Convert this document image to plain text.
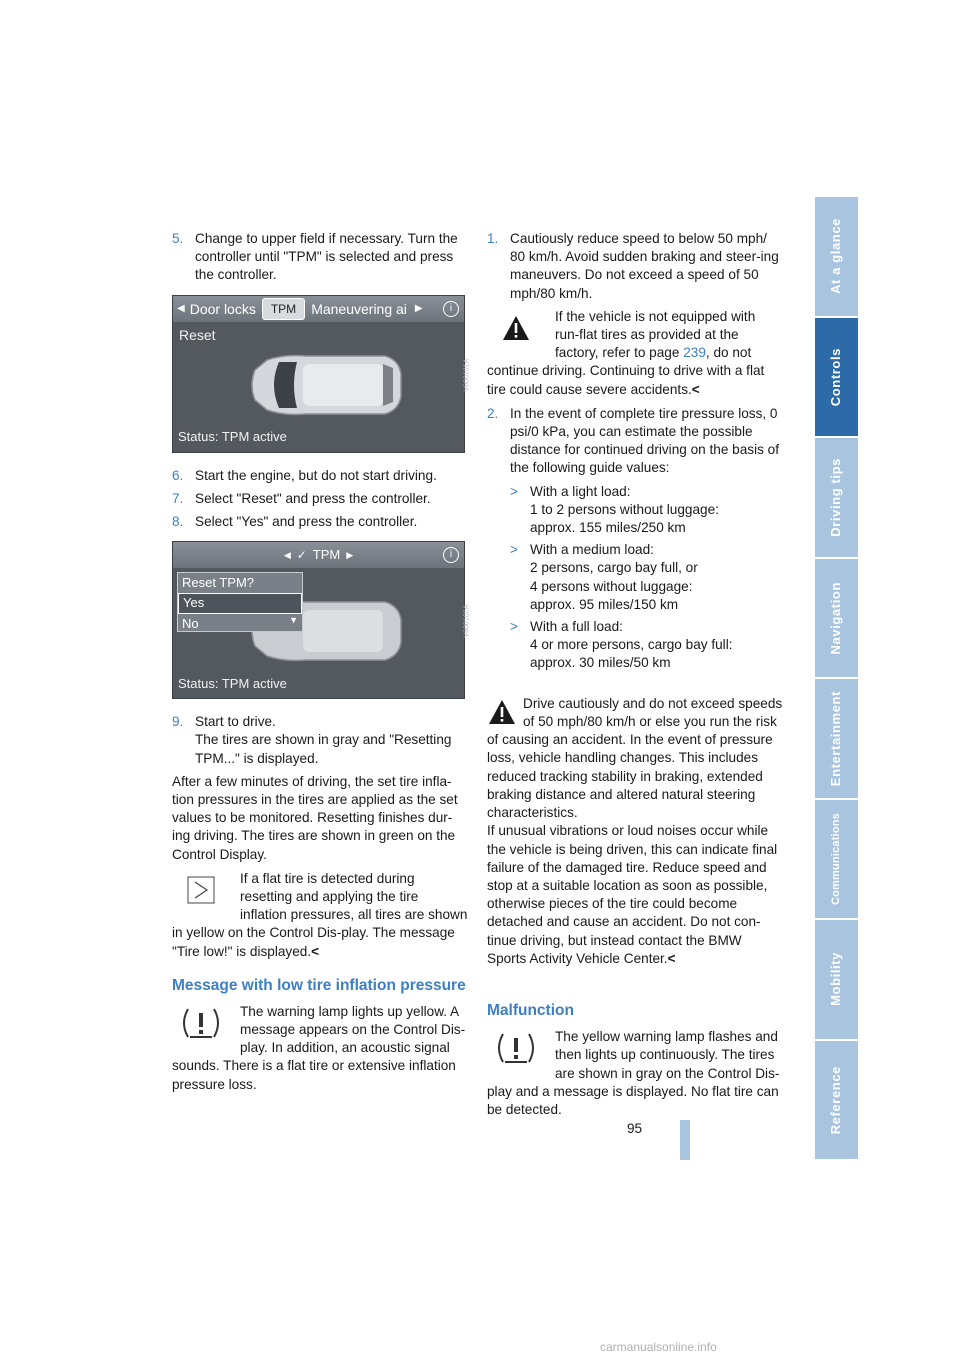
At a glance
Controls
Driving tips
Navigation
Entertainment
Communications
Mobility
Reference
5. Change to upper field if necessary. Turn the controller until "TPM" is selected and press the controller.
◀ Door locks	TPM	Maneuvering ai ▶	i
Reset
Status: TPM active
V600101A
6. Start the engine, but do not start driving.
7. Select "Reset" and press the controller.
8. Select "Yes" and press the controller.
◀ ✓ TPM ▶	i
Reset TPM?
Yes
No	▼
Status: TPM active
V600102A
9. Start to drive.
The tires are shown in gray and "Resetting TPM..." is displayed.

After a few minutes of driving, the set tire infla-tion pressures in the tires are applied as the set values to be monitored. Resetting finishes dur-ing driving. The tires are shown in green on the Control Display.

If a flat tire is detected during resetting and applying the tire inflation pressures, all tires are shown in yellow on the Control Dis-play. The message "Tire low!" is displayed.<
Message with low tire inflation pressure
The warning lamp lights up yellow. A message appears on the Control Dis-play. In addition, an acoustic signal sounds. There is a flat tire or extensive inflation pressure loss.
1. Cautiously reduce speed to below 50 mph/ 80 km/h. Avoid sudden braking and steer-ing maneuvers. Do not exceed a speed of 50 mph/80 km/h.
If the vehicle is not equipped with run-flat tires as provided at the factory, refer to page 239, do not continue driving. Continuing to drive with a flat tire could cause severe accidents.<
2. In the event of complete tire pressure loss, 0 psi/0 kPa, you can estimate the possible distance for continued driving on the basis of the following guide values:
> With a light load:
1 to 2 persons without luggage:
approx. 155 miles/250 km
> With a medium load:
2 persons, cargo bay full, or
4 persons without luggage:
approx. 95 miles/150 km
> With a full load:
4 or more persons, cargo bay full:
approx. 30 miles/50 km

Drive cautiously and do not exceed speeds of 50 mph/80 km/h or else you run the risk of causing an accident. In the event of pressure loss, vehicle handling changes. This includes reduced tracking stability in braking, extended braking distance and altered natural steering characteristics.
If unusual vibrations or loud noises occur while the vehicle is being driven, this can indicate final failure of the damaged tire. Reduce speed and stop at a suitable location as soon as possible, otherwise pieces of the tire could become detached and cause an accident. Do not con-tinue driving, but instead contact the BMW Sports Activity Vehicle Center.<

Malfunction
The yellow warning lamp flashes and then lights up continuously. The tires are shown in gray on the Control Dis-play and a message is displayed. No flat tire can be detected.
95
carmanualsonline.info
